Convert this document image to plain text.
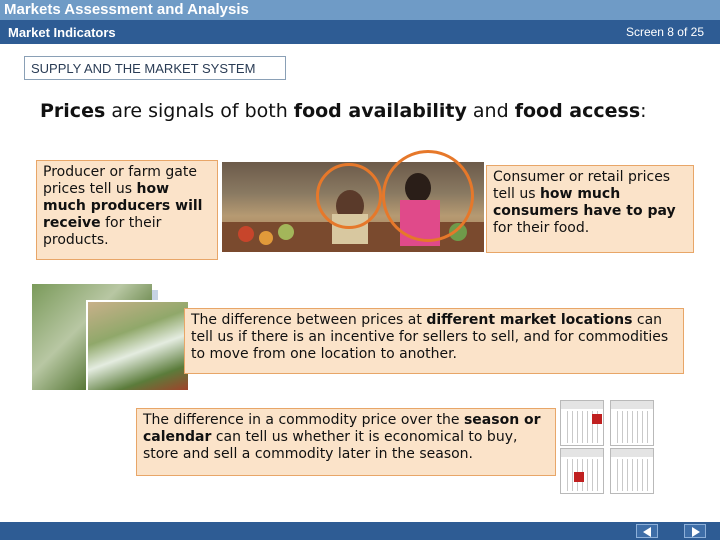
Markets Assessment and Analysis
Market Indicators	Screen 8 of 25
SUPPLY AND THE MARKET SYSTEM
Prices are signals of both food availability and food access:
Producer or farm gate prices tell us how much producers will receive for their products.
Consumer or retail prices tell us how much consumers have to pay for their food.
The difference between prices at different market locations can tell us if there is an incentive for sellers to sell, and for commodities to move from one location to another.
The difference in a commodity price over the season or calendar can tell us whether it is economical to buy, store and sell a commodity later in the season.
